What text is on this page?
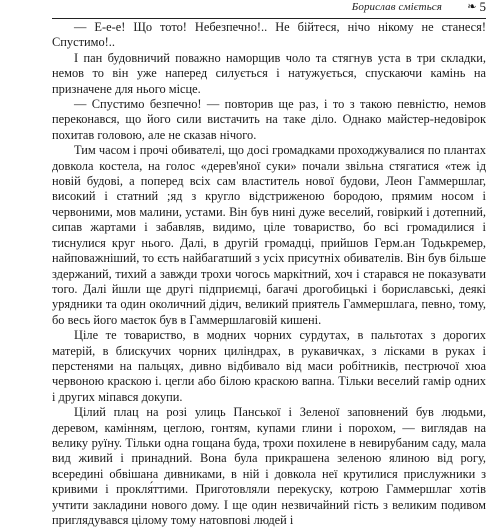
Борислав сміється ❧ 5

— Е-е-е! Що тото! Небезпечно!.. Не бійтеся, нічо нікому не станеся! Спустимо!..

І пан будовничий поважно наморщив чоло та стягнув уста в три складки, немов то він уже наперед силується і натужується, спускаючи камінь на призначене для нього місце.

— Спустимо безпечно! — повторив ще раз, і то з такою певністю, немов переконався, що його сили вистачить на таке діло. Однако майстер-недовірок похитав головою, але не сказав нічого.

Тим часом і прочі обивателі, що досі громадками проходжувалися по плантах довкола костела, на голос «дерев'яної суки» почали звільна стягатися «теж ід новій будові, а поперед всіх сам властитель нової будови, Леон Гаммершлаг, високий і статний ;яд з кругло відстриженою бородою, прямим носом і червоними, мов малини, устами. Він був нині дуже веселий, говіркий і дотепний, сипав жартами і забавляв, видимо, ціле товариство, бо всі громадилися і тиснулися круг нього. Далі, в другій громадці, прийшов Герм.ан Тодькремер, найповажніший, то єсть найбагатший з усіх присутніх обивателів. Він був більше здержаний, тихий а завжди трохи чогось маркітний, хоч і старався не показувати того. Далі йшли ще другі підприємці, багачі дрогобицькі і бориславські, деякі урядники та один околичний дідич, великий приятель Гаммершлага, певно, тому, бо весь його маєток був в Гаммершлаговій кишені.

Ціле те товариство, в модних чорних сурдутах, в пальтотах з дорогих матерій, в блискучих чорних циліндрах, в рукавичках, з лісками в руках і перстенями на пальцях, дивно відбивало від маси робітників, пестрючої хюа червоною краскою і. цегли або білою краскою вапна. Тільки веселий гамір одних і других міпався докупи.

Цілий плац на розі улиць Панської і Зеленої заповнений був людьми, деревом, камінням, цеглою, гонтям, купами глини і порохом, — виглядав на велику руїну. Тільки одна гощана буда, трохи похилене в невирубаним саду, мала вид живий і принадний. Вона була прикрашена зеленою ялиною від рогу, всередині обвішана дивниками, в ній і довкола неї крутилися прислужники з кривими і прокля́ттими. Приготовляли перекуску, котрою Гаммершлаг хотів учтити закладини нового дому. І ще один незвичайний гість з великим подивом приглядувався цілому тому натовпові людей і
